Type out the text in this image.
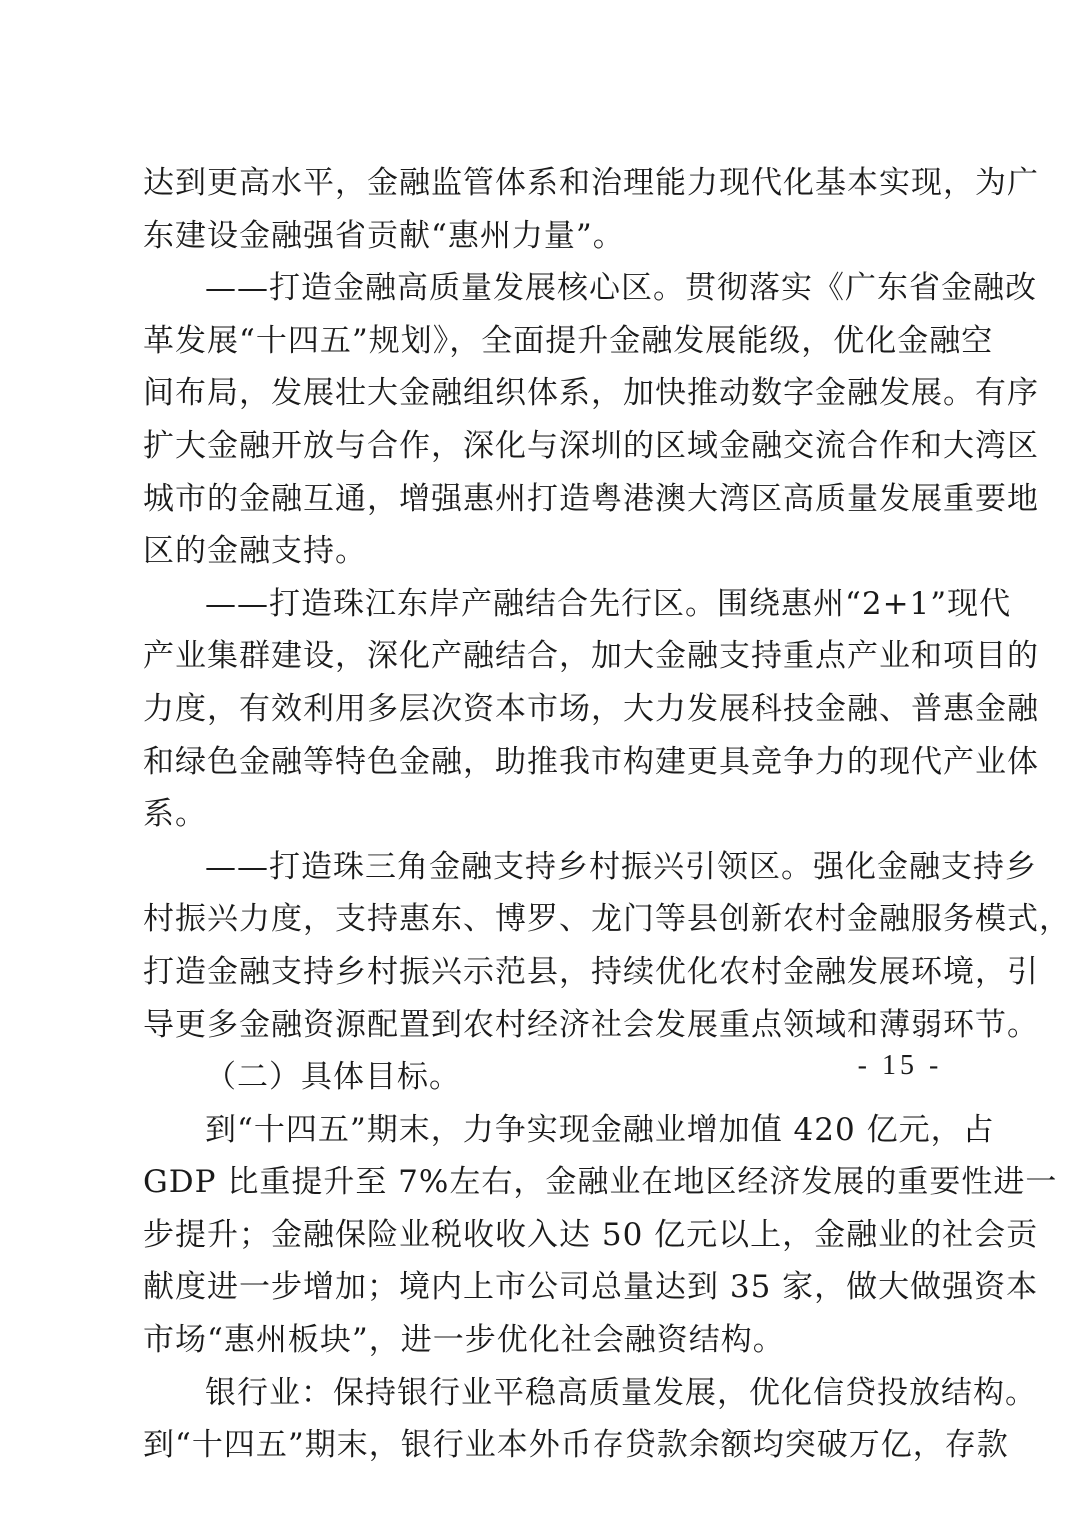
达到更高水平，金融监管体系和治理能力现代化基本实现，为广
东建设金融强省贡献“惠州力量”。
——打造金融高质量发展核心区。贯彻落实《广东省金融改
革发展“十四五”规划》，全面提升金融发展能级，优化金融空
间布局，发展壮大金融组织体系，加快推动数字金融发展。有序
扩大金融开放与合作，深化与深圳的区域金融交流合作和大湾区
城市的金融互通，增强惠州打造粤港澳大湾区高质量发展重要地
区的金融支持。
——打造珠江东岸产融结合先行区。围绕惠州“2+1”现代
产业集群建设，深化产融结合，加大金融支持重点产业和项目的
力度，有效利用多层次资本市场，大力发展科技金融、普惠金融
和绿色金融等特色金融，助推我市构建更具竞争力的现代产业体
系。
——打造珠三角金融支持乡村振兴引领区。强化金融支持乡
村振兴力度，支持惠东、博罗、龙门等县创新农村金融服务模式，
打造金融支持乡村振兴示范县，持续优化农村金融发展环境，引
导更多金融资源配置到农村经济社会发展重点领域和薄弱环节。
（二）具体目标。
到“十四五”期末，力争实现金融业增加值 420 亿元，占
GDP 比重提升至 7%左右，金融业在地区经济发展的重要性进一
步提升；金融保险业税收收入达 50 亿元以上，金融业的社会贡
献度进一步增加；境内上市公司总量达到 35 家，做大做强资本
市场“惠州板块”，进一步优化社会融资结构。
银行业：保持银行业平稳高质量发展，优化信贷投放结构。
到“十四五”期末，银行业本外币存贷款余额均突破万亿，存款
- 15 -
